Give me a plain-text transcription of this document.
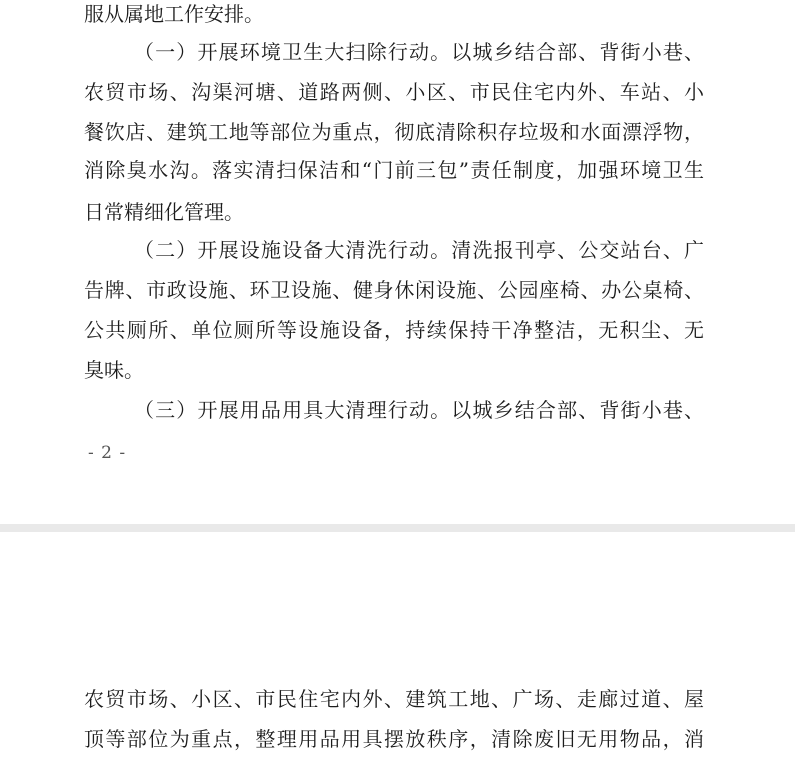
服从属地工作安排。
（一）开展环境卫生大扫除行动。以城乡结合部、背街小巷、
农贸市场、沟渠河塘、道路两侧、小区、市民住宅内外、车站、小
餐饮店、建筑工地等部位为重点，彻底清除积存垃圾和水面漂浮物，
消除臭水沟。落实清扫保洁和“门前三包”责任制度，加强环境卫生
日常精细化管理。
（二）开展设施设备大清洗行动。清洗报刊亭、公交站台、广
告牌、市政设施、环卫设施、健身休闲设施、公园座椅、办公桌椅、
公共厕所、单位厕所等设施设备，持续保持干净整洁，无积尘、无
臭味。
（三）开展用品用具大清理行动。以城乡结合部、背街小巷、
- 2 -
农贸市场、小区、市民住宅内外、建筑工地、广场、走廊过道、屋
顶等部位为重点，整理用品用具摆放秩序，清除废旧无用物品，消
